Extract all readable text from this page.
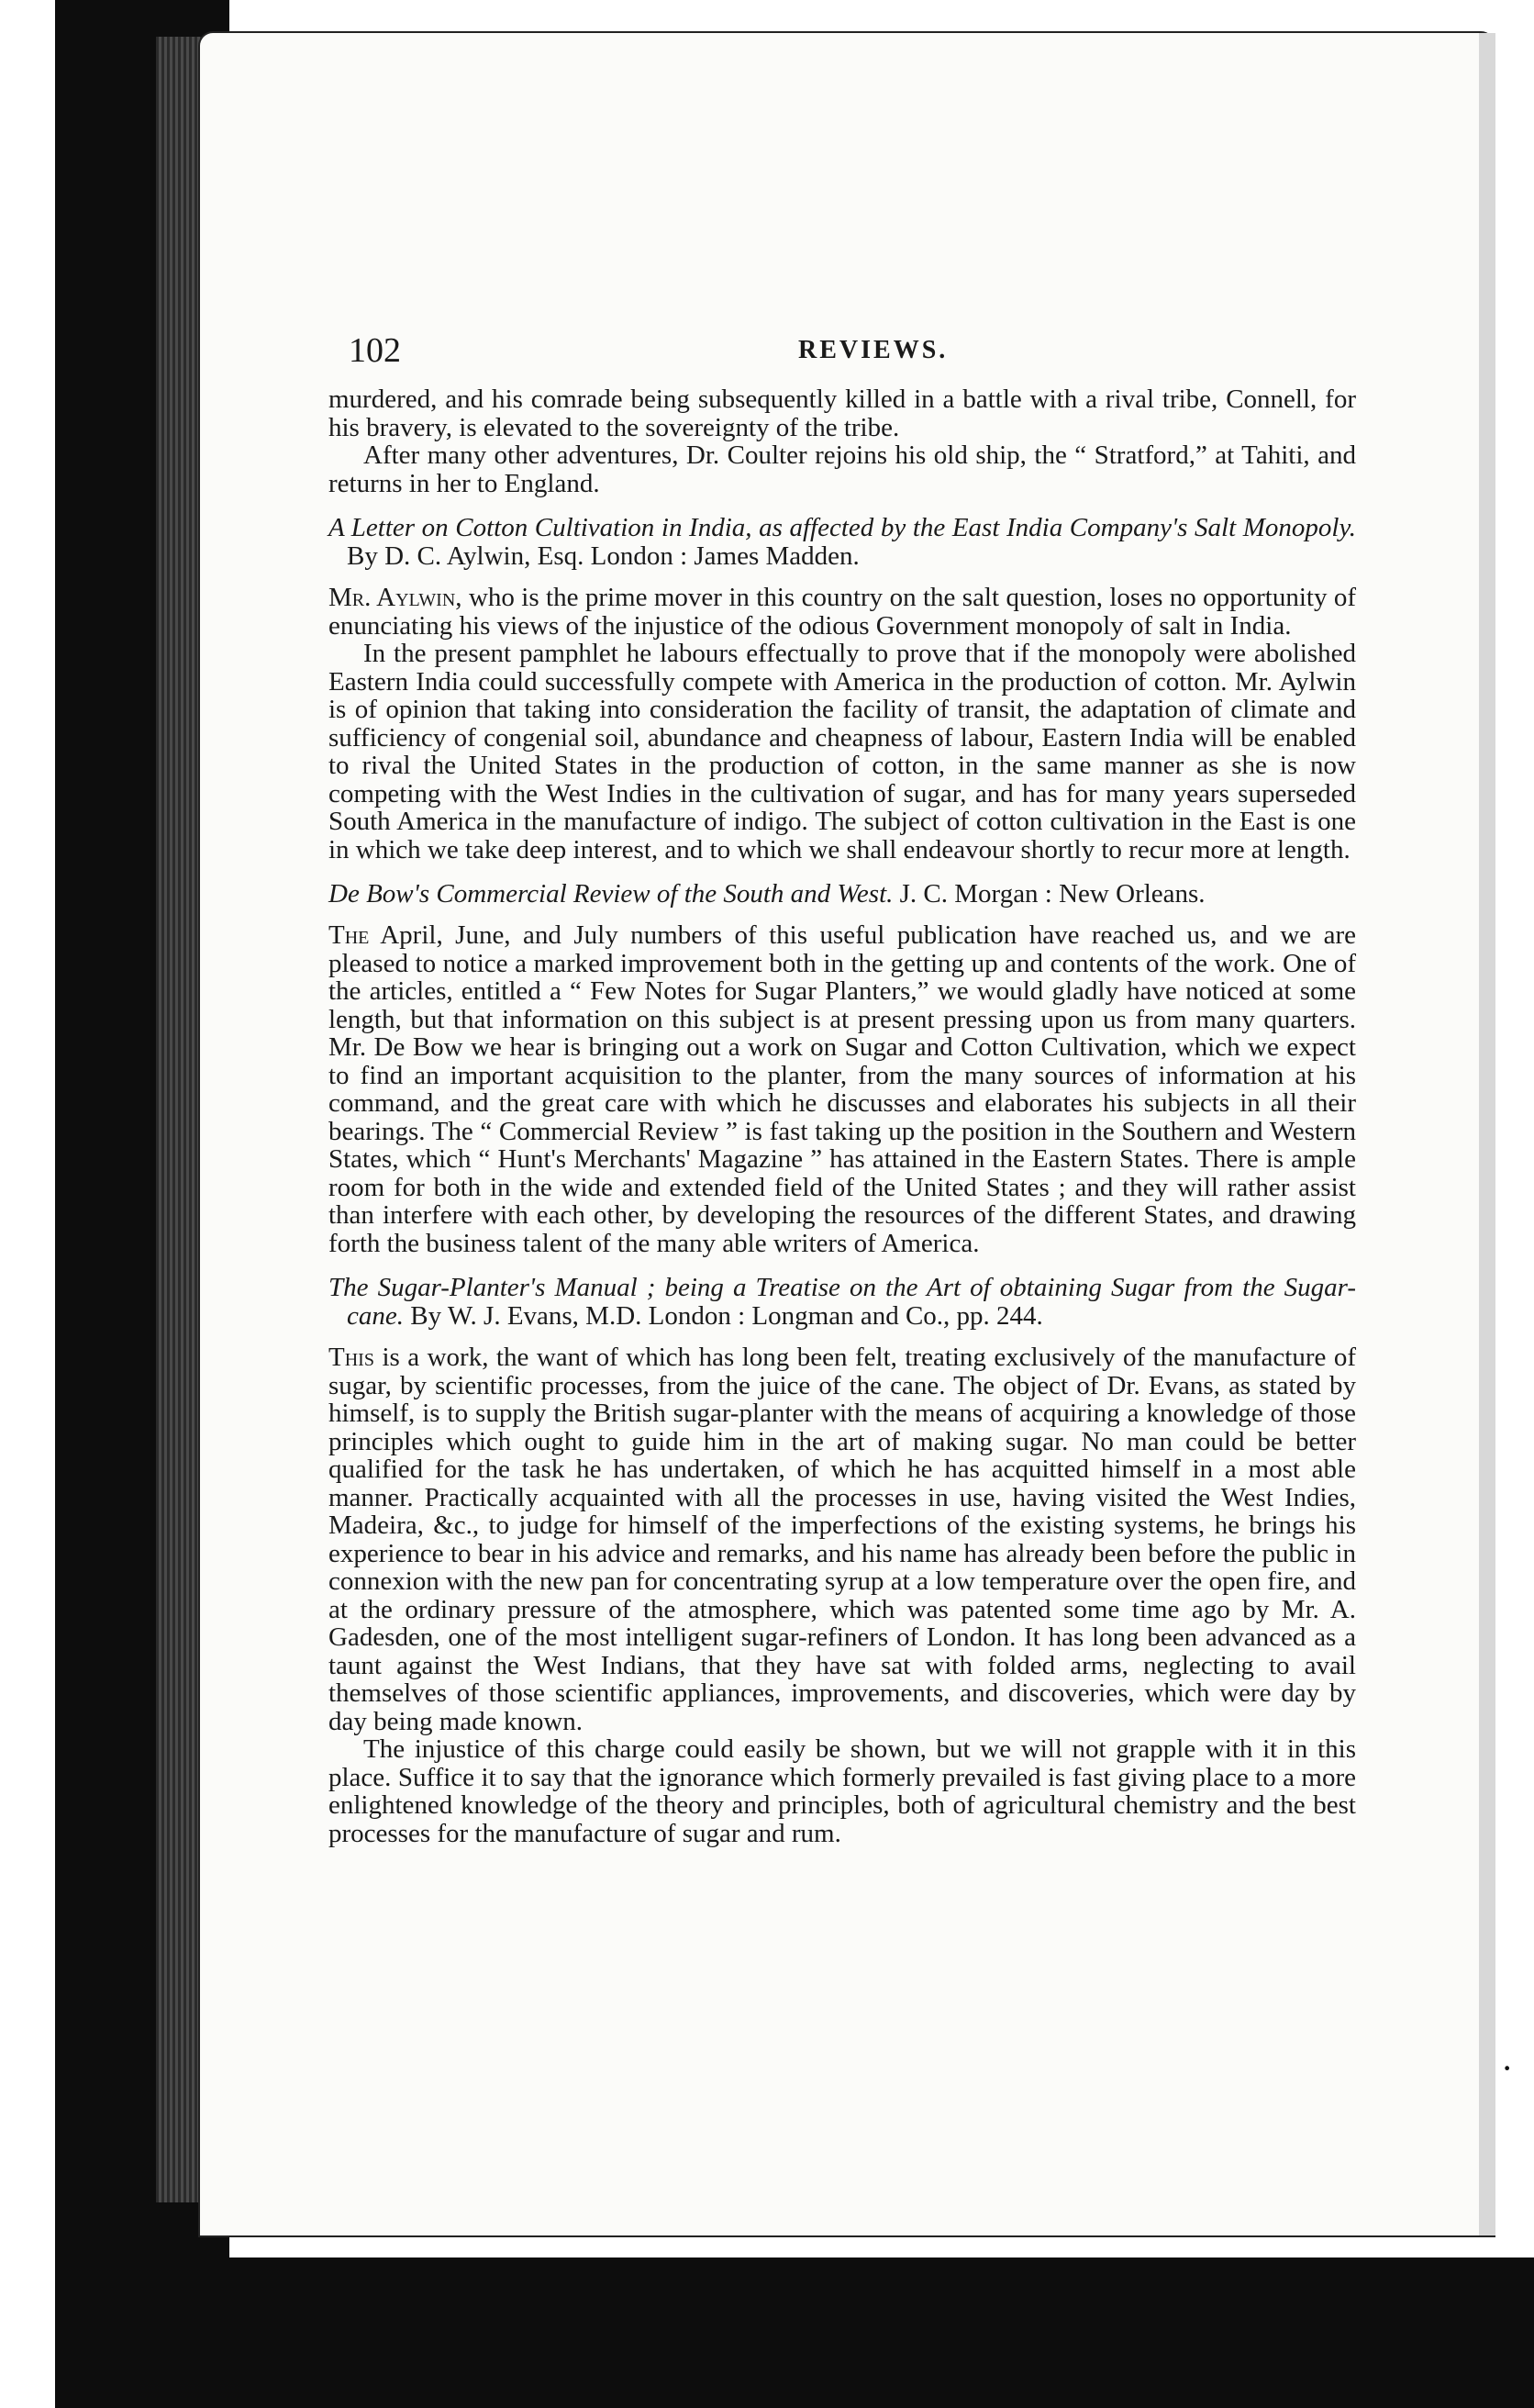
·
102	REVIEWS.

murdered, and his comrade being subsequently killed in a battle with a rival tribe, Connell, for his bravery, is elevated to the sovereignty of the tribe.

After many other adventures, Dr. Coulter rejoins his old ship, the “ Stratford,” at Tahiti, and returns in her to England.

A Letter on Cotton Cultivation in India, as affected by the East India Company's Salt Monopoly. By D. C. Aylwin, Esq. London : James Madden.

Mr. Aylwin, who is the prime mover in this country on the salt question, loses no opportunity of enunciating his views of the injustice of the odious Government monopoly of salt in India.

In the present pamphlet he labours effectually to prove that if the monopoly were abolished Eastern India could successfully compete with America in the production of cotton. Mr. Aylwin is of opinion that taking into consideration the facility of transit, the adaptation of climate and sufficiency of congenial soil, abundance and cheapness of labour, Eastern India will be enabled to rival the United States in the production of cotton, in the same manner as she is now competing with the West Indies in the cultivation of sugar, and has for many years superseded South America in the manufacture of indigo. The subject of cotton cultivation in the East is one in which we take deep interest, and to which we shall endeavour shortly to recur more at length.

De Bow's Commercial Review of the South and West. J. C. Morgan : New Orleans.

The April, June, and July numbers of this useful publication have reached us, and we are pleased to notice a marked improvement both in the getting up and contents of the work. One of the articles, entitled a “ Few Notes for Sugar Planters,” we would gladly have noticed at some length, but that information on this subject is at present pressing upon us from many quarters. Mr. De Bow we hear is bringing out a work on Sugar and Cotton Cultivation, which we expect to find an important acquisition to the planter, from the many sources of information at his command, and the great care with which he discusses and elaborates his subjects in all their bearings. The “ Commercial Review ” is fast taking up the position in the Southern and Western States, which “ Hunt's Merchants' Magazine ” has attained in the Eastern States. There is ample room for both in the wide and extended field of the United States ; and they will rather assist than interfere with each other, by developing the resources of the different States, and drawing forth the business talent of the many able writers of America.

The Sugar-Planter's Manual ; being a Treatise on the Art of obtaining Sugar from the Sugar-cane. By W. J. Evans, M.D. London : Longman and Co., pp. 244.

This is a work, the want of which has long been felt, treating exclusively of the manufacture of sugar, by scientific processes, from the juice of the cane. The object of Dr. Evans, as stated by himself, is to supply the British sugar-planter with the means of acquiring a knowledge of those principles which ought to guide him in the art of making sugar. No man could be better qualified for the task he has undertaken, of which he has acquitted himself in a most able manner. Practically acquainted with all the processes in use, having visited the West Indies, Madeira, &c., to judge for himself of the imperfections of the existing systems, he brings his experience to bear in his advice and remarks, and his name has already been before the public in connexion with the new pan for concentrating syrup at a low temperature over the open fire, and at the ordinary pressure of the atmosphere, which was patented some time ago by Mr. A. Gadesden, one of the most intelligent sugar-refiners of London. It has long been advanced as a taunt against the West Indians, that they have sat with folded arms, neglecting to avail themselves of those scientific appliances, improvements, and discoveries, which were day by day being made known.

The injustice of this charge could easily be shown, but we will not grapple with it in this place. Suffice it to say that the ignorance which formerly prevailed is fast giving place to a more enlightened knowledge of the theory and principles, both of agricultural chemistry and the best processes for the manufacture of sugar and rum.
